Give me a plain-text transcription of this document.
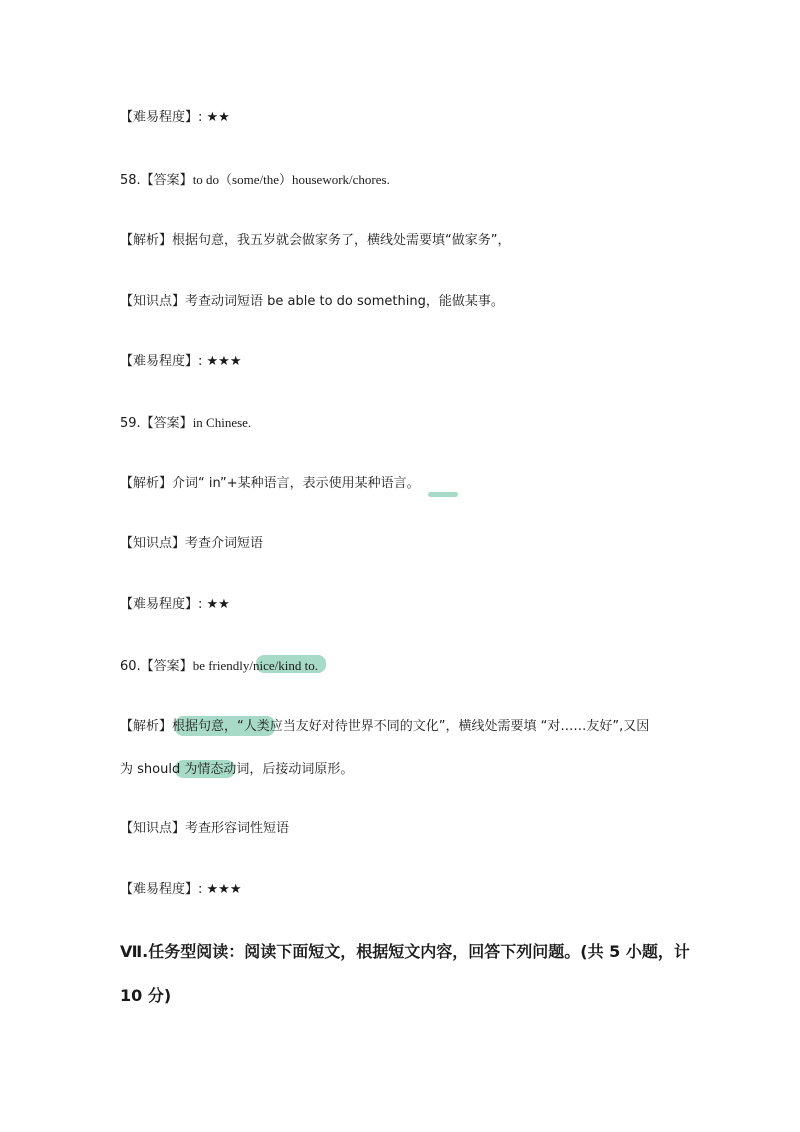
【难易程度】: ★★
58.【答案】to do（some/the）housework/chores.
【解析】根据句意，我五岁就会做家务了，横线处需要填“做家务”，
【知识点】考查动词短语 be able to do something，能做某事。
【难易程度】: ★★★
59.【答案】in Chinese.
【解析】介词“ in”+某种语言，表示使用某种语言。
【知识点】考查介词短语
【难易程度】: ★★
60.【答案】be friendly/nice/kind to.
【解析】根据句意，“人类应当友好对待世界不同的文化”，横线处需要填 “对……友好”,又因
为 should 为情态动词，后接动词原形。
【知识点】考查形容词性短语
【难易程度】: ★★★
Ⅶ.任务型阅读：阅读下面短文，根据短文内容，回答下列问题。(共 5 小题，计 10 分)
